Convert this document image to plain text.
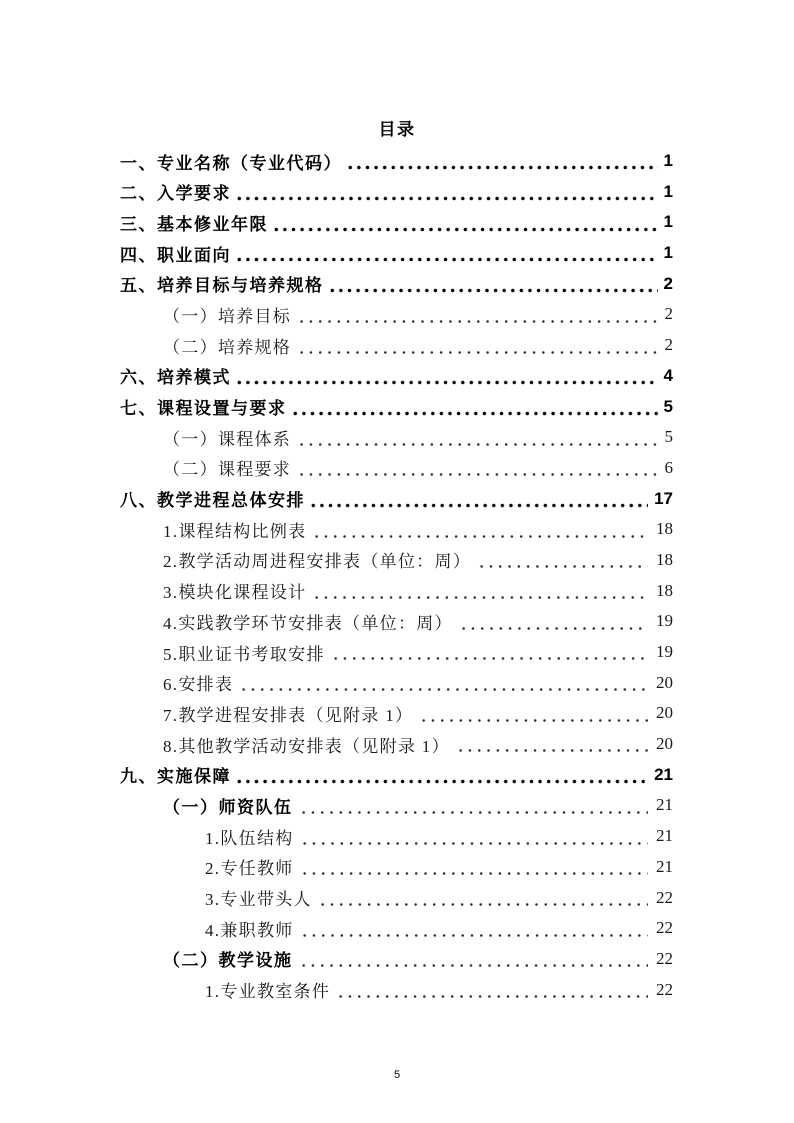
目录
一、专业名称（专业代码）	1
二、入学要求	1
三、基本修业年限	1
四、职业面向	1
五、培养目标与培养规格	2
（一）培养目标	2
（二）培养规格	2
六、培养模式	4
七、课程设置与要求	5
（一）课程体系	5
（二）课程要求	6
八、教学进程总体安排	17
1.课程结构比例表	18
2.教学活动周进程安排表（单位：周）	18
3.模块化课程设计	18
4.实践教学环节安排表（单位：周）	19
5.职业证书考取安排	19
6.安排表	20
7.教学进程安排表（见附录 1）	20
8.其他教学活动安排表（见附录 1）	20
九、实施保障	21
（一）师资队伍	21
1.队伍结构	21
2.专任教师	21
3.专业带头人	22
4.兼职教师	22
（二）教学设施	22
1.专业教室条件	22
5
